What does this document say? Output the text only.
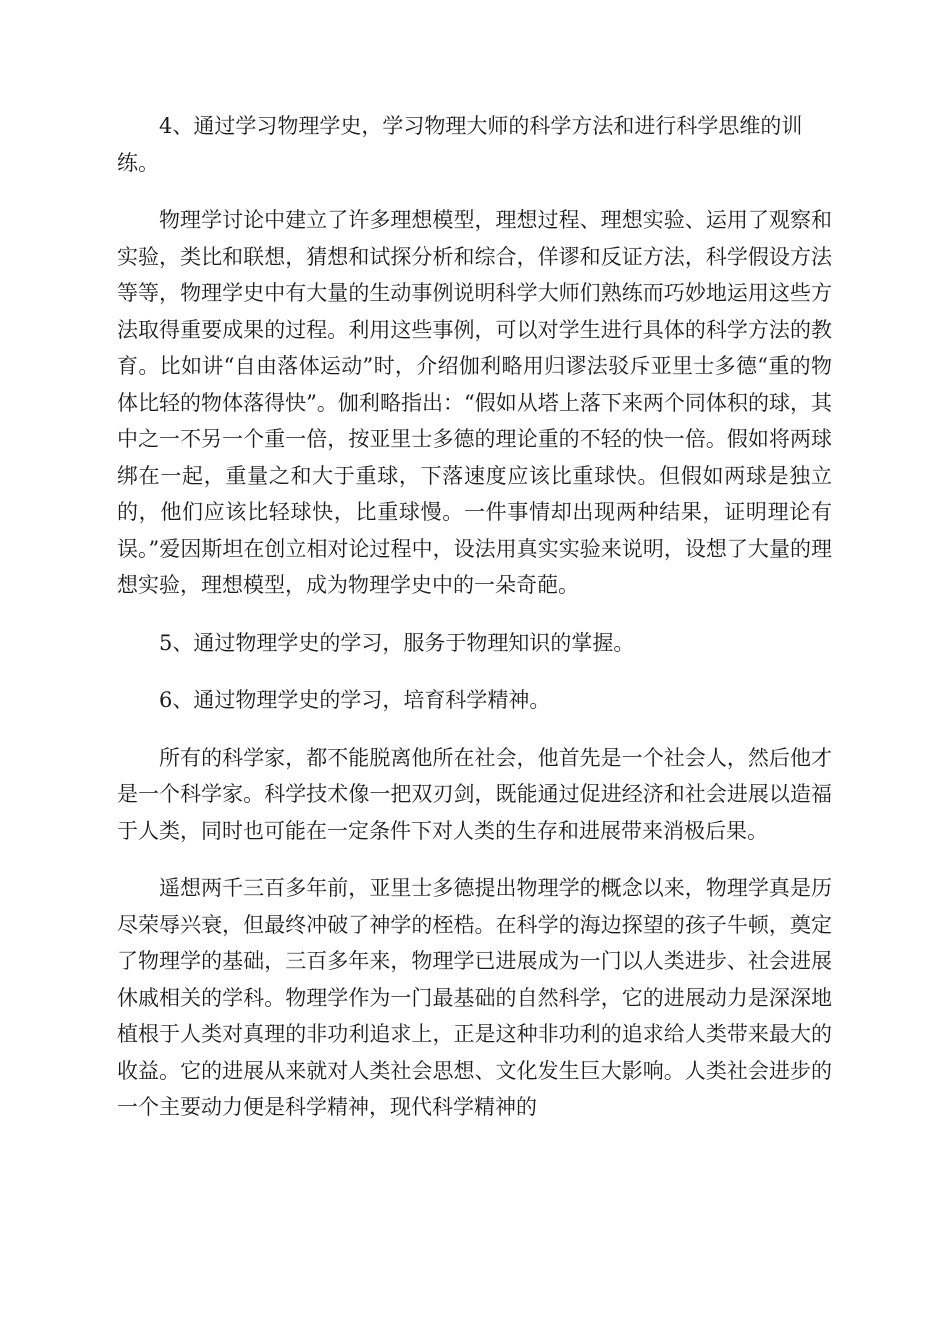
4、通过学习物理学史，学习物理大师的科学方法和进行科学思维的训练。

物理学讨论中建立了许多理想模型，理想过程、理想实验、运用了观察和实验，类比和联想，猜想和试探分析和综合，佯谬和反证方法，科学假设方法等等，物理学史中有大量的生动事例说明科学大师们熟练而巧妙地运用这些方法取得重要成果的过程。利用这些事例，可以对学生进行具体的科学方法的教育。比如讲“自由落体运动”时，介绍伽利略用归谬法驳斥亚里士多德“重的物体比轻的物体落得快”。伽利略指出：“假如从塔上落下来两个同体积的球，其中之一不另一个重一倍，按亚里士多德的理论重的不轻的快一倍。假如将两球绑在一起，重量之和大于重球，下落速度应该比重球快。但假如两球是独立的，他们应该比轻球快，比重球慢。一件事情却出现两种结果，证明理论有误。”爱因斯坦在创立相对论过程中，设法用真实实验来说明，设想了大量的理想实验，理想模型，成为物理学史中的一朵奇葩。

5、通过物理学史的学习，服务于物理知识的掌握。

6、通过物理学史的学习，培育科学精神。

所有的科学家，都不能脱离他所在社会，他首先是一个社会人，然后他才是一个科学家。科学技术像一把双刃剑，既能通过促进经济和社会进展以造福于人类，同时也可能在一定条件下对人类的生存和进展带来消极后果。

遥想两千三百多年前，亚里士多德提出物理学的概念以来，物理学真是历尽荣辱兴衰，但最终冲破了神学的桎梏。在科学的海边探望的孩子牛顿，奠定了物理学的基础，三百多年来，物理学已进展成为一门以人类进步、社会进展休戚相关的学科。物理学作为一门最基础的自然科学，它的进展动力是深深地植根于人类对真理的非功利追求上，正是这种非功利的追求给人类带来最大的收益。它的进展从来就对人类社会思想、文化发生巨大影响。人类社会进步的一个主要动力便是科学精神，现代科学精神的
